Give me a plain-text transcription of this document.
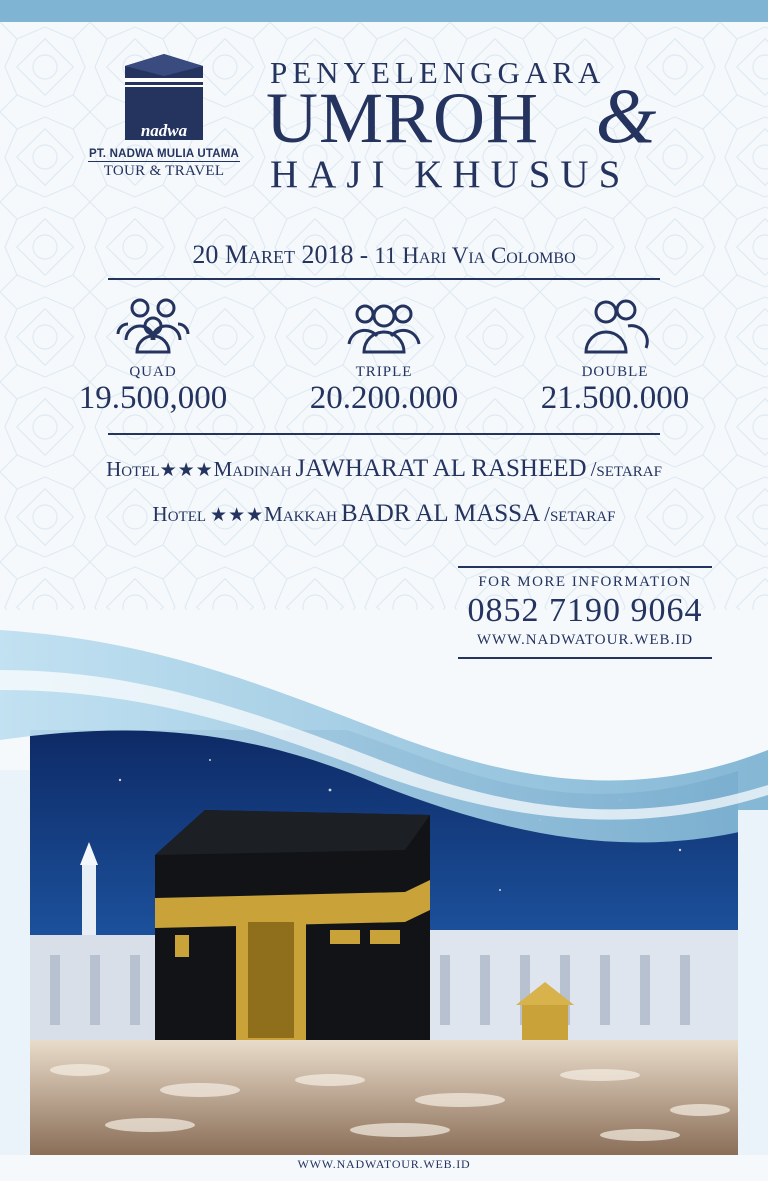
nadwa
PT. NADWA MULIA UTAMA
TOUR & TRAVEL
PENYELENGGARA
UMROH &
HAJI KHUSUS
20 Maret 2018 - 11 Hari Via Colombo
QUAD
19.500,000
TRIPLE
20.200.000
DOUBLE
21.500.000
Hotel★★★Madinah JAWHARAT AL RASHEED /setaraf
Hotel ★★★Makkah BADR AL MASSA /setaraf
FOR MORE INFORMATION
0852 7190 9064
WWW.NADWATOUR.WEB.ID
WWW.NADWATOUR.WEB.ID
